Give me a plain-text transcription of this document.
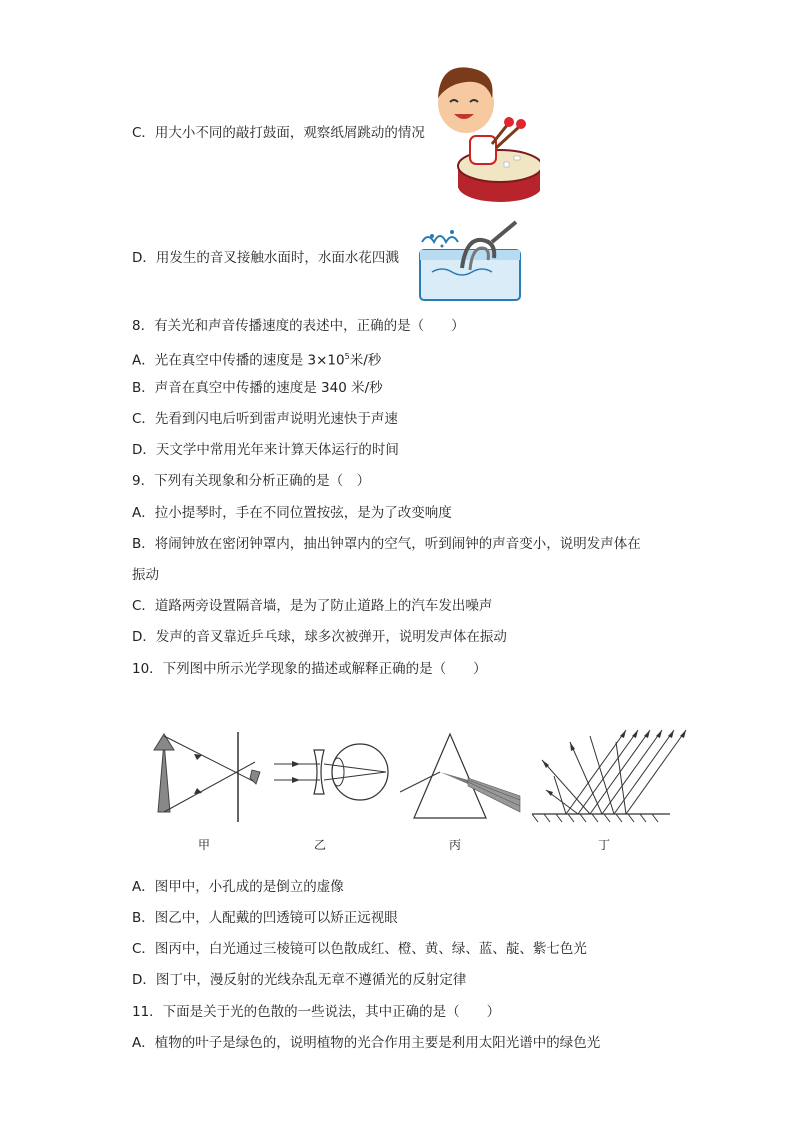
C．用大小不同的敲打鼓面，观察纸屑跳动的情况
D．用发生的音叉接触水面时，水面水花四溅
8．有关光和声音传播速度的表述中，正确的是（　　）
A．光在真空中传播的速度是 $3\times 10^5$米/秒
B．声音在真空中传播的速度是 340 米/秒
C．先看到闪电后听到雷声说明光速快于声速
D．天文学中常用光年来计算天体运行的时间
9．下列有关现象和分析正确的是（　）
A．拉小提琴时，手在不同位置按弦，是为了改变响度
B．将闹钟放在密闭钟罩内，抽出钟罩内的空气，听到闹钟的声音变小，说明发声体在
振动
C．道路两旁设置隔音墙，是为了防止道路上的汽车发出噪声
D．发声的音叉靠近乒乓球，球多次被弹开，说明发声体在振动
10．下列图中所示光学现象的描述或解释正确的是（　　）
甲	乙	丙	丁
A．图甲中，小孔成的是倒立的虚像
B．图乙中，人配戴的凹透镜可以矫正远视眼
C．图丙中，白光通过三棱镜可以色散成红、橙、黄、绿、蓝、靛、紫七色光
D．图丁中，漫反射的光线杂乱无章不遵循光的反射定律
11．下面是关于光的色散的一些说法，其中正确的是（　　）
A．植物的叶子是绿色的，说明植物的光合作用主要是利用太阳光谱中的绿色光
